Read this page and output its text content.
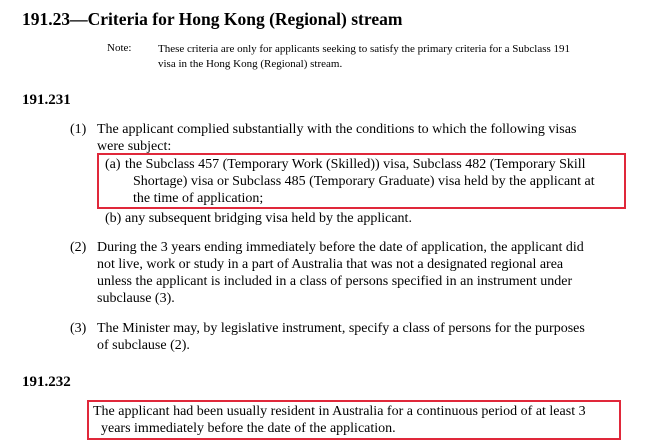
191.23—Criteria for Hong Kong (Regional) stream
Note: These criteria are only for applicants seeking to satisfy the primary criteria for a Subclass 191
visa in the Hong Kong (Regional) stream.
191.231
(1) The applicant complied substantially with the conditions to which the following visas
were subject:
(a) the Subclass 457 (Temporary Work (Skilled)) visa, Subclass 482 (Temporary Skill
Shortage) visa or Subclass 485 (Temporary Graduate) visa held by the applicant at
the time of application;
(b) any subsequent bridging visa held by the applicant.
(2) During the 3 years ending immediately before the date of application, the applicant did
not live, work or study in a part of Australia that was not a designated regional area
unless the applicant is included in a class of persons specified in an instrument under
subclause (3).
(3) The Minister may, by legislative instrument, specify a class of persons for the purposes
of subclause (2).
191.232
The applicant had been usually resident in Australia for a continuous period of at least 3
years immediately before the date of the application.
